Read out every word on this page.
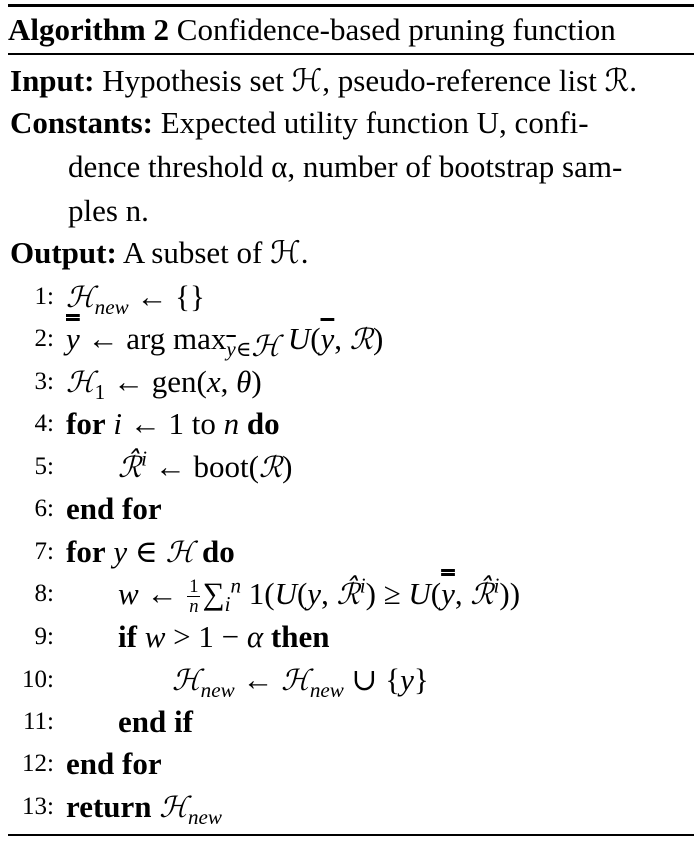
Algorithm 2 Confidence-based pruning function
Input: Hypothesis set ℋ, pseudo-reference list ℛ.
Constants: Expected utility function U, confi-
dence threshold α, number of bootstrap sam-
ples n.
Output: A subset of ℋ.
1: ℋ$_{new}$ ← {}
2: y ← arg $\max_{\overline{y}\in ℋ} U(\overline{y}$, ℛ)
3: ℋ$_1$ ← gen(x, θ)
4: for i ← 1 to n do
5: ℛ̂$^i$ ← boot(ℛ)
6: end for
7: for y ∈ ℋ do
8: w ← $\frac{1}{n} \sum_i^n$ 1(U(y, ℛ̂$^i$) ≥ U(y, ℛ̂$^i$))
9: if w > 1 − α then
10:	ℋ$_{new}$ ← ℋ$_{new}$ ∪ {y}
11: end if
12: end for
13: return ℋ$_{new}$
